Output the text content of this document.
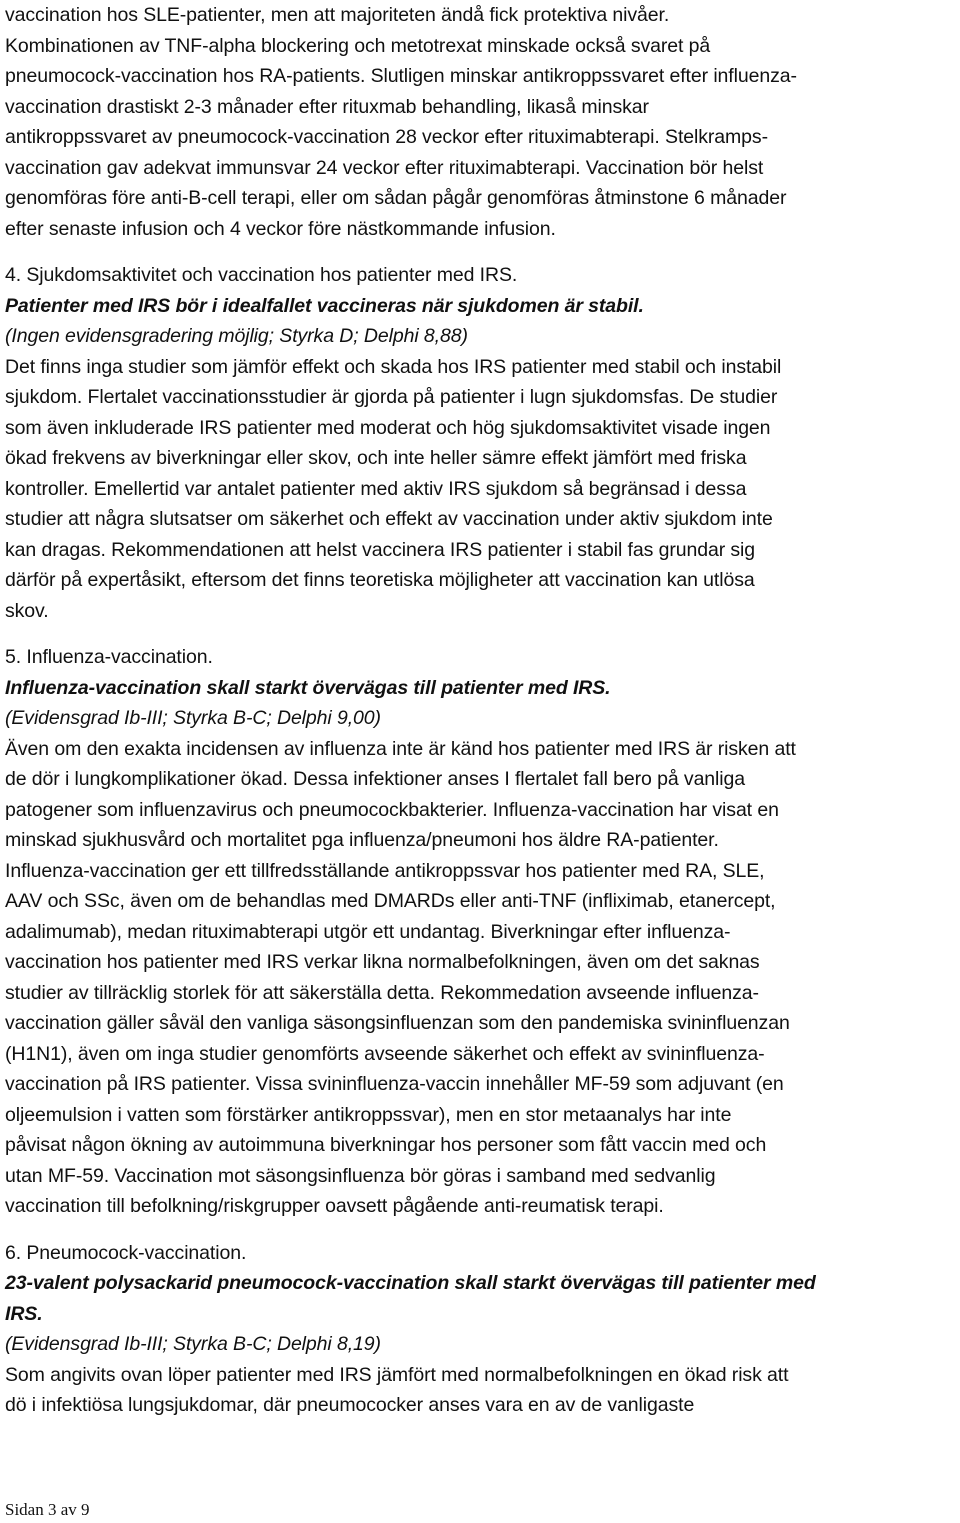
vaccination hos SLE-patienter, men att majoriteten ändå fick protektiva nivåer.
Kombinationen av TNF-alpha blockering och metotrexat minskade också svaret på
pneumocock-vaccination hos RA-patients. Slutligen minskar antikroppssvaret efter influenza-
vaccination drastiskt 2-3 månader efter rituxmab behandling, likaså minskar
antikroppssvaret av pneumocock-vaccination 28 veckor efter rituximabterapi. Stelkramps-
vaccination gav adekvat immunsvar 24 veckor efter rituximabterapi. Vaccination bör helst
genomföras före anti-B-cell terapi, eller om sådan pågår genomföras åtminstone 6 månader
efter senaste infusion och 4 veckor före nästkommande infusion.
4. Sjukdomsaktivitet och vaccination hos patienter med IRS.
Patienter med IRS bör i idealfallet vaccineras när sjukdomen är stabil.
(Ingen evidensgradering möjlig; Styrka D; Delphi 8,88)
Det finns inga studier som jämför effekt och skada hos IRS patienter med stabil och instabil
sjukdom. Flertalet vaccinationsstudier är gjorda på patienter i lugn sjukdomsfas. De studier
som även inkluderade IRS patienter med moderat och hög sjukdomsaktivitet visade ingen
ökad frekvens av biverkningar eller skov, och inte heller sämre effekt jämfört med friska
kontroller. Emellertid var antalet patienter med aktiv IRS sjukdom så begränsad i dessa
studier att några slutsatser om säkerhet och effekt av vaccination under aktiv sjukdom inte
kan dragas. Rekommendationen att helst vaccinera IRS patienter i stabil fas grundar sig
därför på expertåsikt, eftersom det finns teoretiska möjligheter att vaccination kan utlösa
skov.
5. Influenza-vaccination.
Influenza-vaccination skall starkt övervägas till patienter med IRS.
(Evidensgrad Ib-III; Styrka B-C; Delphi 9,00)
Även om den exakta incidensen av influenza inte är känd hos patienter med IRS är risken att
de dör i lungkomplikationer ökad. Dessa infektioner anses I flertalet fall bero på vanliga
patogener som influenzavirus och pneumocockbakterier. Influenza-vaccination har visat en
minskad sjukhusvård och mortalitet pga influenza/pneumoni hos äldre RA-patienter.
Influenza-vaccination ger ett tillfredsställande antikroppssvar hos patienter med RA, SLE,
AAV och SSc, även om de behandlas med DMARDs eller anti-TNF (infliximab, etanercept,
adalimumab), medan rituximabterapi utgör ett undantag. Biverkningar efter influenza-
vaccination hos patienter med IRS verkar likna normalbefolkningen, även om det saknas
studier av tillräcklig storlek för att säkerställa detta. Rekommedation avseende influenza-
vaccination gäller såväl den vanliga säsongsinfluenzan som den pandemiska svininfluenzan
(H1N1), även om inga studier genomförts avseende säkerhet och effekt av svininfluenza-
vaccination på IRS patienter. Vissa svininfluenza-vaccin innehåller MF-59 som adjuvant (en
oljeemulsion i vatten som förstärker antikroppssvar), men en stor metaanalys har inte
påvisat någon ökning av autoimmuna biverkningar hos personer som fått vaccin med och
utan MF-59. Vaccination mot säsongsinfluenza bör göras i samband med sedvanlig
vaccination till befolkning/riskgrupper oavsett pågående anti-reumatisk terapi.
6. Pneumocock-vaccination.
23-valent polysackarid pneumocock-vaccination skall starkt övervägas till patienter med
IRS.
(Evidensgrad Ib-III; Styrka B-C; Delphi 8,19)
Som angivits ovan löper patienter med IRS jämfört med normalbefolkningen en ökad risk att
dö i infektiösa lungsjukdomar, där pneumococker anses vara en av de vanligaste
Sidan 3 av 9
